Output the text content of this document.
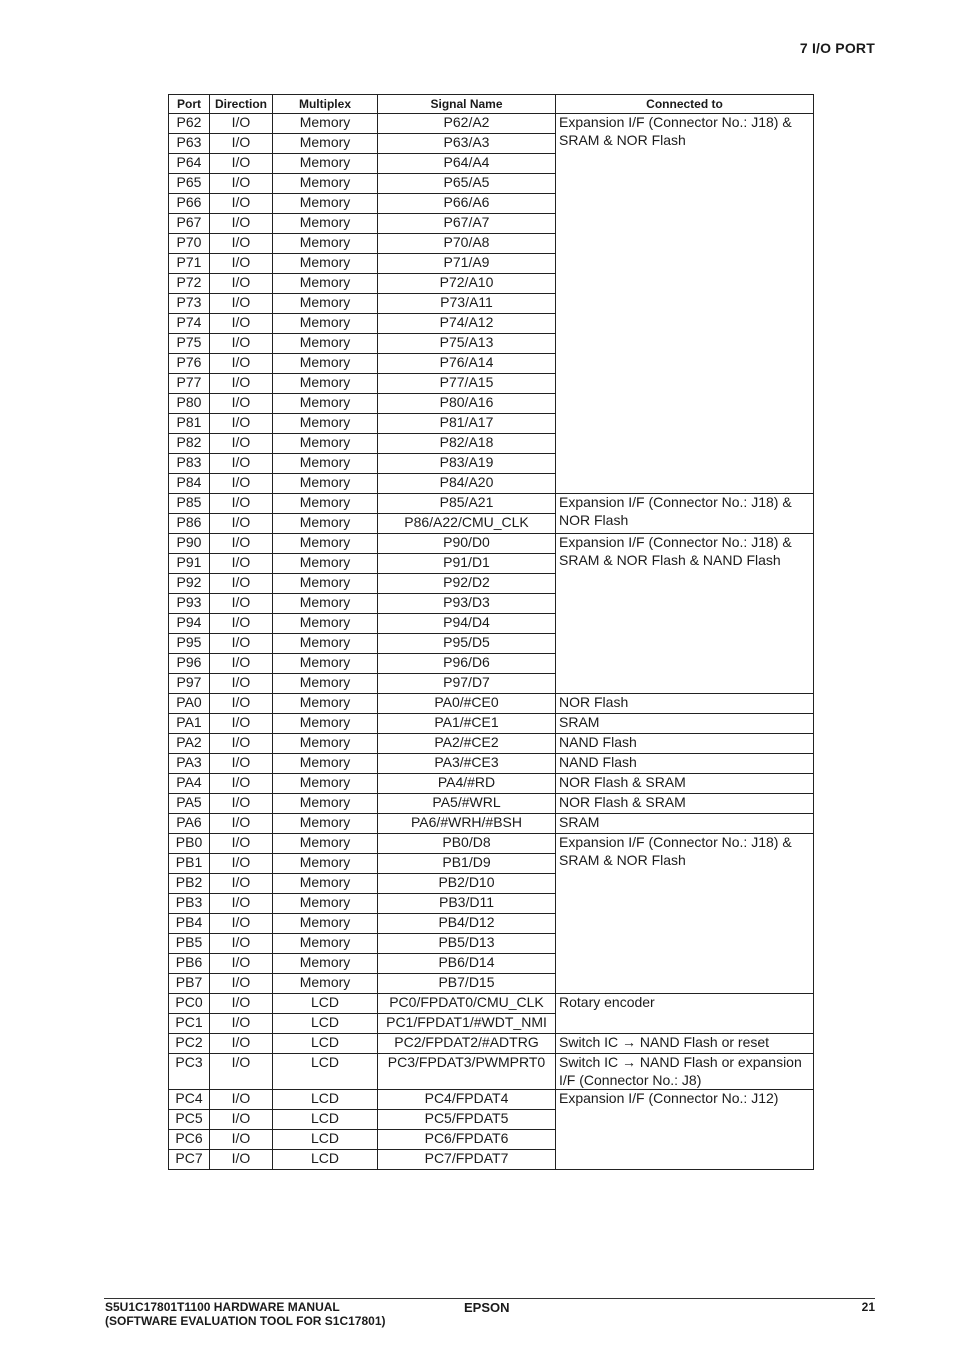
7 I/O PORT
Port	Direction	Multiplex	Signal Name	Connected to
P62	I/O	Memory	P62/A2	Expansion I/F (Connector No.: J18) & SRAM & NOR Flash
P63	I/O	Memory	P63/A3	
P64	I/O	Memory	P64/A4	
P65	I/O	Memory	P65/A5	
P66	I/O	Memory	P66/A6	
P67	I/O	Memory	P67/A7	
P70	I/O	Memory	P70/A8	
P71	I/O	Memory	P71/A9	
P72	I/O	Memory	P72/A10	
P73	I/O	Memory	P73/A11	
P74	I/O	Memory	P74/A12	
P75	I/O	Memory	P75/A13	
P76	I/O	Memory	P76/A14	
P77	I/O	Memory	P77/A15	
P80	I/O	Memory	P80/A16	
P81	I/O	Memory	P81/A17	
P82	I/O	Memory	P82/A18	
P83	I/O	Memory	P83/A19	
P84	I/O	Memory	P84/A20	
P85	I/O	Memory	P85/A21	Expansion I/F (Connector No.: J18) & NOR Flash
P86	I/O	Memory	P86/A22/CMU_CLK	
P90	I/O	Memory	P90/D0	Expansion I/F (Connector No.: J18) & SRAM & NOR Flash & NAND Flash
P91	I/O	Memory	P91/D1	
P92	I/O	Memory	P92/D2	
P93	I/O	Memory	P93/D3	
P94	I/O	Memory	P94/D4	
P95	I/O	Memory	P95/D5	
P96	I/O	Memory	P96/D6	
P97	I/O	Memory	P97/D7	
PA0	I/O	Memory	PA0/#CE0	NOR Flash
PA1	I/O	Memory	PA1/#CE1	SRAM
PA2	I/O	Memory	PA2/#CE2	NAND Flash
PA3	I/O	Memory	PA3/#CE3	NAND Flash
PA4	I/O	Memory	PA4/#RD	NOR Flash & SRAM
PA5	I/O	Memory	PA5/#WRL	NOR Flash & SRAM
PA6	I/O	Memory	PA6/#WRH/#BSH	SRAM
PB0	I/O	Memory	PB0/D8	Expansion I/F (Connector No.: J18) & SRAM & NOR Flash
PB1	I/O	Memory	PB1/D9	
PB2	I/O	Memory	PB2/D10	
PB3	I/O	Memory	PB3/D11	
PB4	I/O	Memory	PB4/D12	
PB5	I/O	Memory	PB5/D13	
PB6	I/O	Memory	PB6/D14	
PB7	I/O	Memory	PB7/D15	
PC0	I/O	LCD	PC0/FPDAT0/CMU_CLK	Rotary encoder
PC1	I/O	LCD	PC1/FPDAT1/#WDT_NMI	
PC2	I/O	LCD	PC2/FPDAT2/#ADTRG	Switch IC → NAND Flash or reset
PC3	I/O	LCD	PC3/FPDAT3/PWMPRT0	Switch IC → NAND Flash or expansion I/F (Connector No.: J8)
PC4	I/O	LCD	PC4/FPDAT4	Expansion I/F (Connector No.: J12)
PC5	I/O	LCD	PC5/FPDAT5	
PC6	I/O	LCD	PC6/FPDAT6	
PC7	I/O	LCD	PC7/FPDAT7	
S5U1C17801T1100 HARDWARE MANUAL
(SOFTWARE EVALUATION TOOL FOR S1C17801)
EPSON	21
